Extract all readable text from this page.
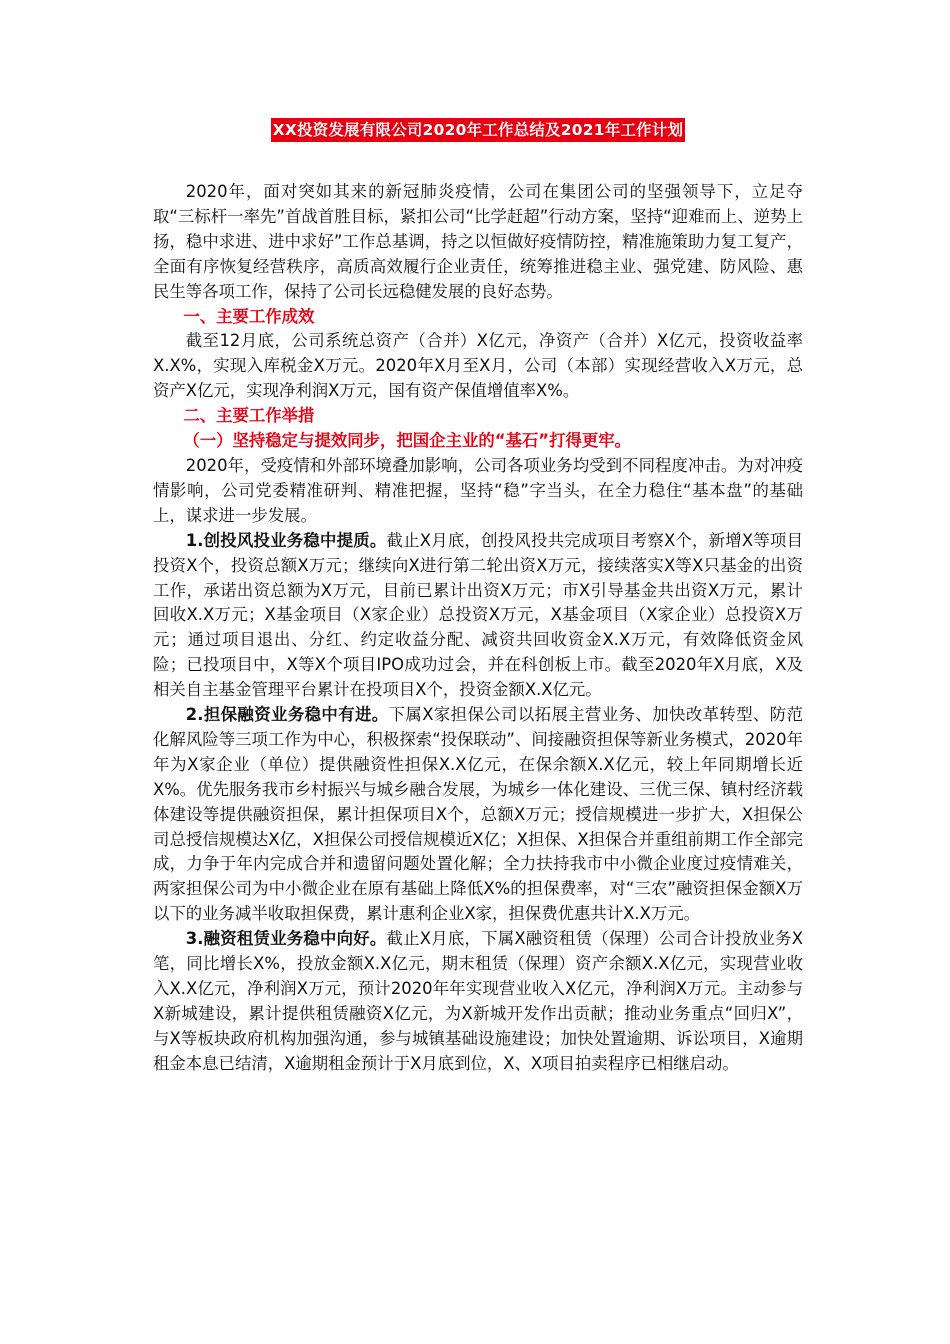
XX投资发展有限公司2020年工作总结及2021年工作计划

2020年，面对突如其来的新冠肺炎疫情，公司在集团公司的坚强领导下，立足夺取“三标杆一率先”首战首胜目标，紧扣公司“比学赶超”行动方案，坚持“迎难而上、逆势上扬，稳中求进、进中求好”工作总基调，持之以恒做好疫情防控，精准施策助力复工复产，全面有序恢复经营秩序，高质高效履行企业责任，统筹推进稳主业、强党建、防风险、惠民生等各项工作，保持了公司长远稳健发展的良好态势。

一、主要工作成效

截至12月底，公司系统总资产（合并）X亿元，净资产（合并）X亿元，投资收益率X.X%，实现入库税金X万元。2020年X月至X月，公司（本部）实现经营收入X万元，总资产X亿元，实现净利润X万元，国有资产保值增值率X%。

二、主要工作举措

（一）坚持稳定与提效同步，把国企主业的“基石”打得更牢。

2020年，受疫情和外部环境叠加影响，公司各项业务均受到不同程度冲击。为对冲疫情影响，公司党委精准研判、精准把握，坚持“稳”字当头，在全力稳住“基本盘”的基础上，谋求进一步发展。

1.创投风投业务稳中提质。截止X月底，创投风投共完成项目考察X个，新增X等项目投资X个，投资总额X万元；继续向X进行第二轮出资X万元，接续落实X等X只基金的出资工作，承诺出资总额为X万元，目前已累计出资X万元；市X引导基金共出资X万元，累计回收X.X万元；X基金项目（X家企业）总投资X万元，X基金项目（X家企业）总投资X万元；通过项目退出、分红、约定收益分配、减资共回收资金X.X万元，有效降低资金风险；已投项目中，X等X个项目IPO成功过会，并在科创板上市。截至2020年X月底，X及相关自主基金管理平台累计在投项目X个，投资金额X.X亿元。

2.担保融资业务稳中有进。下属X家担保公司以拓展主营业务、加快改革转型、防范化解风险等三项工作为中心，积极探索“投保联动”、间接融资担保等新业务模式，2020年年为X家企业（单位）提供融资性担保X.X亿元，在保余额X.X亿元，较上年同期增长近X%。优先服务我市乡村振兴与城乡融合发展，为城乡一体化建设、三优三保、镇村经济载体建设等提供融资担保，累计担保项目X个，总额X万元；授信规模进一步扩大，X担保公司总授信规模达X亿，X担保公司授信规模近X亿；X担保、X担保合并重组前期工作全部完成，力争于年内完成合并和遗留问题处置化解；全力扶持我市中小微企业度过疫情难关，两家担保公司为中小微企业在原有基础上降低X%的担保费率，对“三农”融资担保金额X万以下的业务减半收取担保费，累计惠利企业X家，担保费优惠共计X.X万元。

3.融资租赁业务稳中向好。截止X月底，下属X融资租赁（保理）公司合计投放业务X笔，同比增长X%，投放金额X.X亿元，期末租赁（保理）资产余额X.X亿元，实现营业收入X.X亿元，净利润X万元，预计2020年年实现营业收入X亿元，净利润X万元。主动参与X新城建设，累计提供租赁融资X亿元，为X新城开发作出贡献；推动业务重点“回归X”，与X等板块政府机构加强沟通，参与城镇基础设施建设；加快处置逾期、诉讼项目，X逾期租金本息已结清，X逾期租金预计于X月底到位，X、X项目拍卖程序已相继启动。
